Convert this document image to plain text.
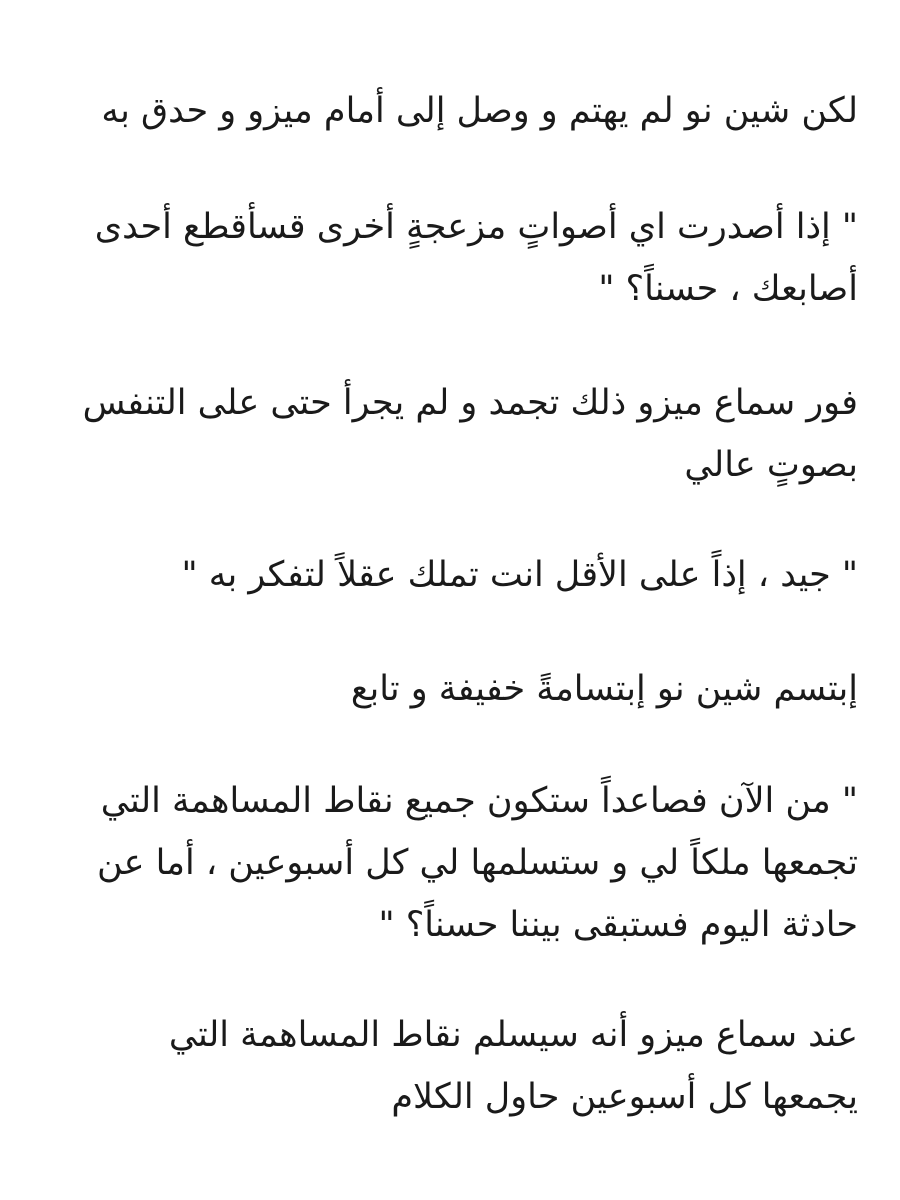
لكن شين نو لم يهتم و وصل إلى أمام ميزو و حدق به
" إذا أصدرت اي أصواتٍ مزعجةٍ أخرى قسأقطع أحدى
أصابعك ، حسناً؟ "
فور سماع ميزو ذلك تجمد و لم يجرأ حتى على التنفس
بصوتٍ عالي
" جيد ، إذاً على الأقل انت تملك عقلاً لتفكر به "
إبتسم شين نو إبتسامةً خفيفة و تابع
" من الآن فصاعداً ستكون جميع نقاط المساهمة التي
تجمعها ملكاً لي و ستسلمها لي كل أسبوعين ، أما عن
حادثة اليوم فستبقى بيننا حسناً؟ "
عند سماع ميزو أنه سيسلم نقاط المساهمة التي
يجمعها كل أسبوعين حاول الكلام
